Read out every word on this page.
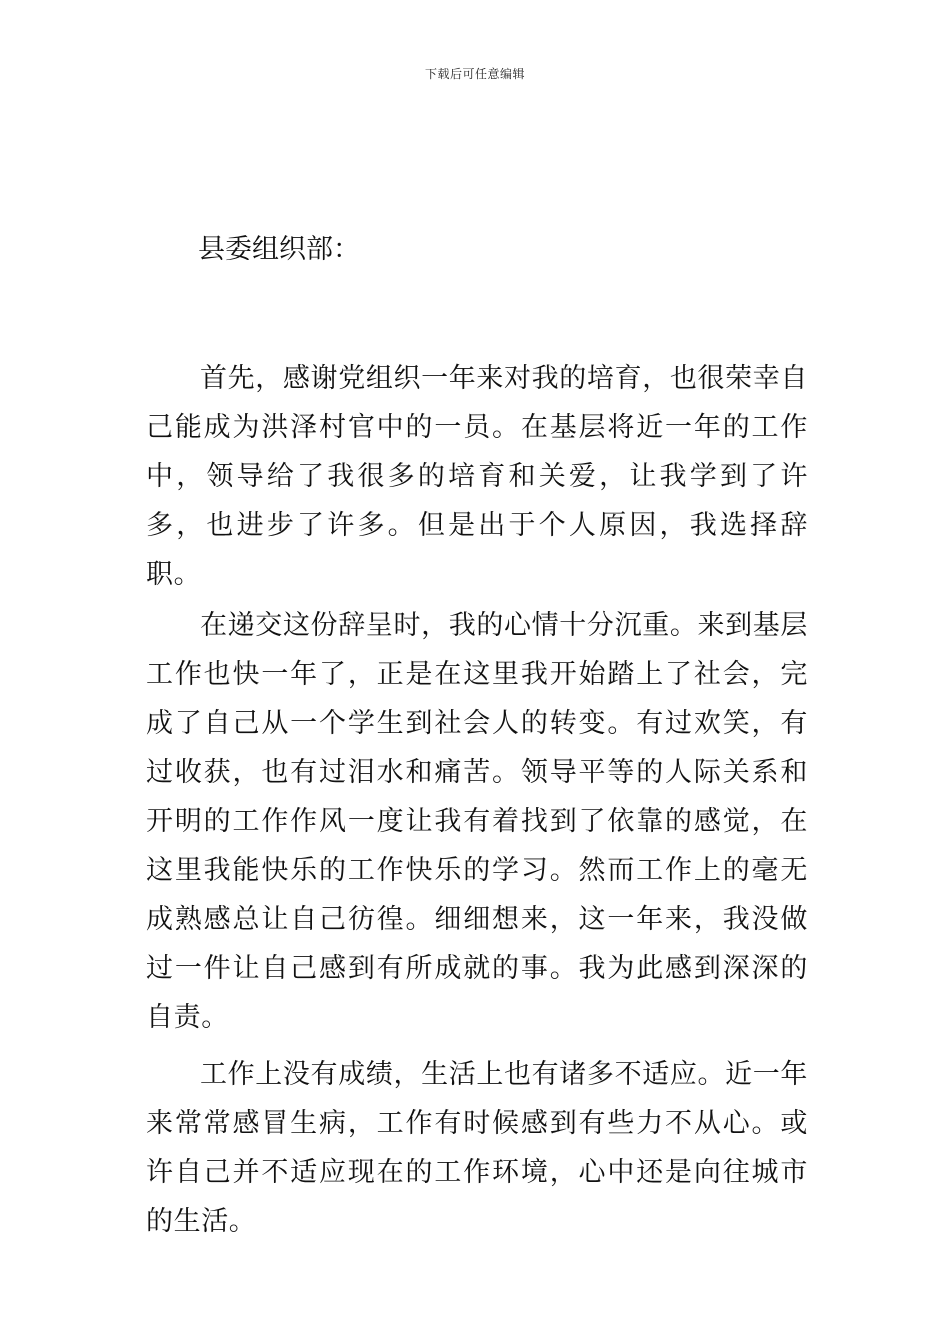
下载后可任意编辑
县委组织部：

首先，感谢党组织一年来对我的培育，也很荣幸自己能成为洪泽村官中的一员。在基层将近一年的工作中，领导给了我很多的培育和关爱，让我学到了许多，也进步了许多。但是出于个人原因，我选择辞职。

在递交这份辞呈时，我的心情十分沉重。来到基层工作也快一年了，正是在这里我开始踏上了社会，完成了自己从一个学生到社会人的转变。有过欢笑，有过收获，也有过泪水和痛苦。领导平等的人际关系和开明的工作作风一度让我有着找到了依靠的感觉，在这里我能快乐的工作快乐的学习。然而工作上的毫无成熟感总让自己彷徨。细细想来，这一年来，我没做过一件让自己感到有所成就的事。我为此感到深深的自责。

工作上没有成绩，生活上也有诸多不适应。近一年来常常感冒生病，工作有时候感到有些力不从心。或许自己并不适应现在的工作环境，心中还是向往城市的生活。
